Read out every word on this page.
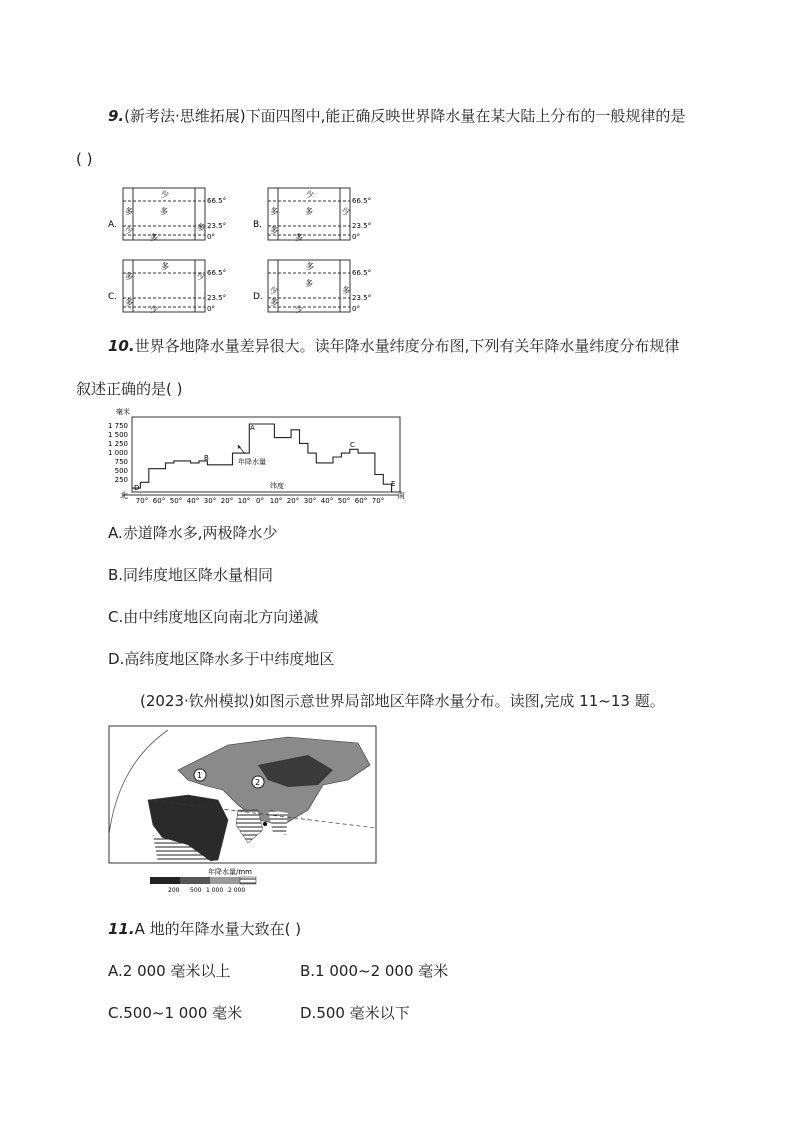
9.(新考法·思维拓展)下面四图中,能正确反映世界降水量在某大陆上分布的一般规律的是
( )
A.
少
多	多
多
少
多
66.5°
23.5°
0°
B.
少
多	多	少
多
多
66.5°
23.5°
0°
C.
多
多	少
多
少
66.5°
23.5°
0°
D.
多
少
多
多
多
少
66.5°
23.5°
0°
10.世界各地降水量差异很大。读年降水量纬度分布图,下列有关年降水量纬度分布规律
叙述正确的是( )
毫米
1 750
1 500
1 250
1 000
750
500
250
北	南
70° 60° 50° 40° 30° 20° 10° 0° 10° 20° 30° 40° 50° 60° 70°
A
B
C
D	E
年降水量
纬度
A.赤道降水多,两极降水少
B.同纬度地区降水量相同
C.由中纬度地区向南北方向递减
D.高纬度地区降水多于中纬度地区
(2023·钦州模拟)如图示意世界局部地区年降水量分布。读图,完成 11~13 题。
1
2
年降水量/mm
200 500 1 000 2 000
11.A 地的年降水量大致在( )
A.2 000 毫米以上	B.1 000~2 000 毫米
C.500~1 000 毫米	D.500 毫米以下
